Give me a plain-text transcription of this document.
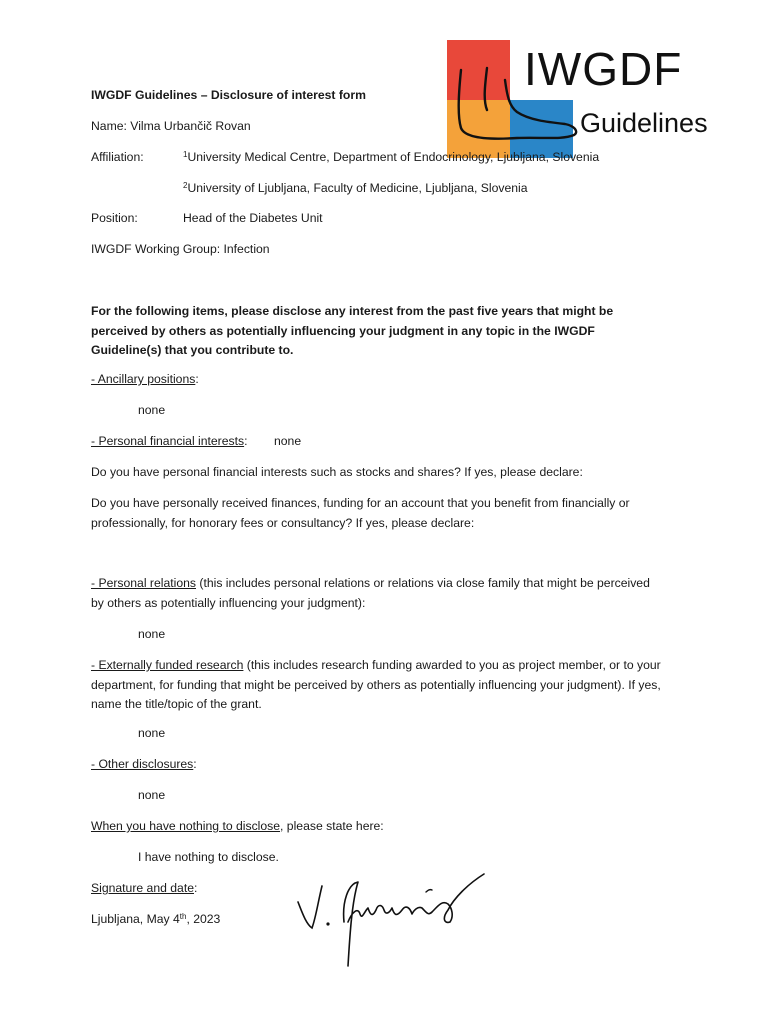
IWGDF
Guidelines
IWGDF Guidelines – Disclosure of interest form
Name: Vilma Urbančič Rovan
Affiliation:	$^1$University Medical Centre, Department of Endocrinology, Ljubljana, Slovenia
$^2$University of Ljubljana, Faculty of Medicine, Ljubljana, Slovenia
Position:	Head of the Diabetes Unit
IWGDF Working Group: Infection
For the following items, please disclose any interest from the past five years that might be perceived by others as potentially influencing your judgment in any topic in the IWGDF Guideline(s) that you contribute to.
- Ancillary positions:
none
- Personal financial interests: none
Do you have personal financial interests such as stocks and shares? If yes, please declare:
Do you have personally received finances, funding for an account that you benefit from financially or professionally, for honorary fees or consultancy? If yes, please declare:
- Personal relations (this includes personal relations or relations via close family that might be perceived by others as potentially influencing your judgment):
none
- Externally funded research (this includes research funding awarded to you as project member, or to your department, for funding that might be perceived by others as potentially influencing your judgment). If yes, name the title/topic of the grant.
none
- Other disclosures:
none
When you have nothing to disclose, please state here:
I have nothing to disclose.
Signature and date:
Ljubljana, May 4th, 2023
